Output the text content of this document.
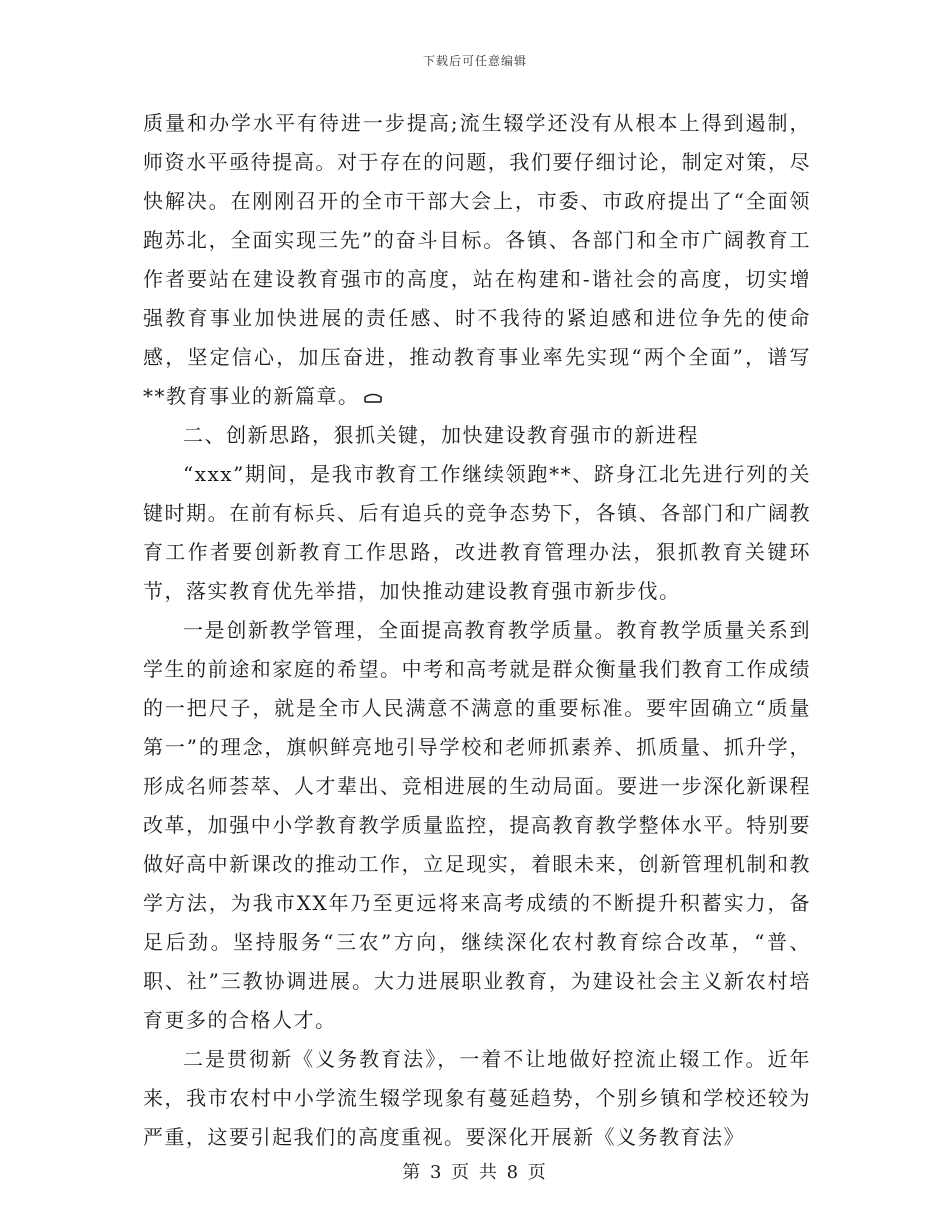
下载后可任意编辑

质量和办学水平有待进一步提高;流生辍学还没有从根本上得到遏制，师资水平亟待提高。对于存在的问题，我们要仔细讨论，制定对策，尽快解决。在刚刚召开的全市干部大会上，市委、市政府提出了“全面领跑苏北，全面实现三先”的奋斗目标。各镇、各部门和全市广阔教育工作者要站在建设教育强市的高度，站在构建和-谐社会的高度，切实增强教育事业加快进展的责任感、时不我待的紧迫感和进位争先的使命感，坚定信心，加压奋进，推动教育事业率先实现“两个全面”，谱写**教育事业的新篇章。

二、创新思路，狠抓关键，加快建设教育强市的新进程

“xxx”期间，是我市教育工作继续领跑**、跻身江北先进行列的关键时期。在前有标兵、后有追兵的竞争态势下，各镇、各部门和广阔教育工作者要创新教育工作思路，改进教育管理办法，狠抓教育关键环节，落实教育优先举措，加快推动建设教育强市新步伐。

一是创新教学管理，全面提高教育教学质量。教育教学质量关系到学生的前途和家庭的希望。中考和高考就是群众衡量我们教育工作成绩的一把尺子，就是全市人民满意不满意的重要标准。要牢固确立“质量第一”的理念，旗帜鲜亮地引导学校和老师抓素养、抓质量、抓升学，形成名师荟萃、人才辈出、竞相进展的生动局面。要进一步深化新课程改革，加强中小学教育教学质量监控，提高教育教学整体水平。特别要做好高中新课改的推动工作，立足现实，着眼未来，创新管理机制和教学方法，为我市XX年乃至更远将来高考成绩的不断提升积蓄实力，备足后劲。坚持服务“三农”方向，继续深化农村教育综合改革，“普、职、社”三教协调进展。大力进展职业教育，为建设社会主义新农村培育更多的合格人才。

二是贯彻新《义务教育法》，一着不让地做好控流止辍工作。近年来，我市农村中小学流生辍学现象有蔓延趋势，个别乡镇和学校还较为严重，这要引起我们的高度重视。要深化开展新《义务教育法》

第 3 页 共 8 页
